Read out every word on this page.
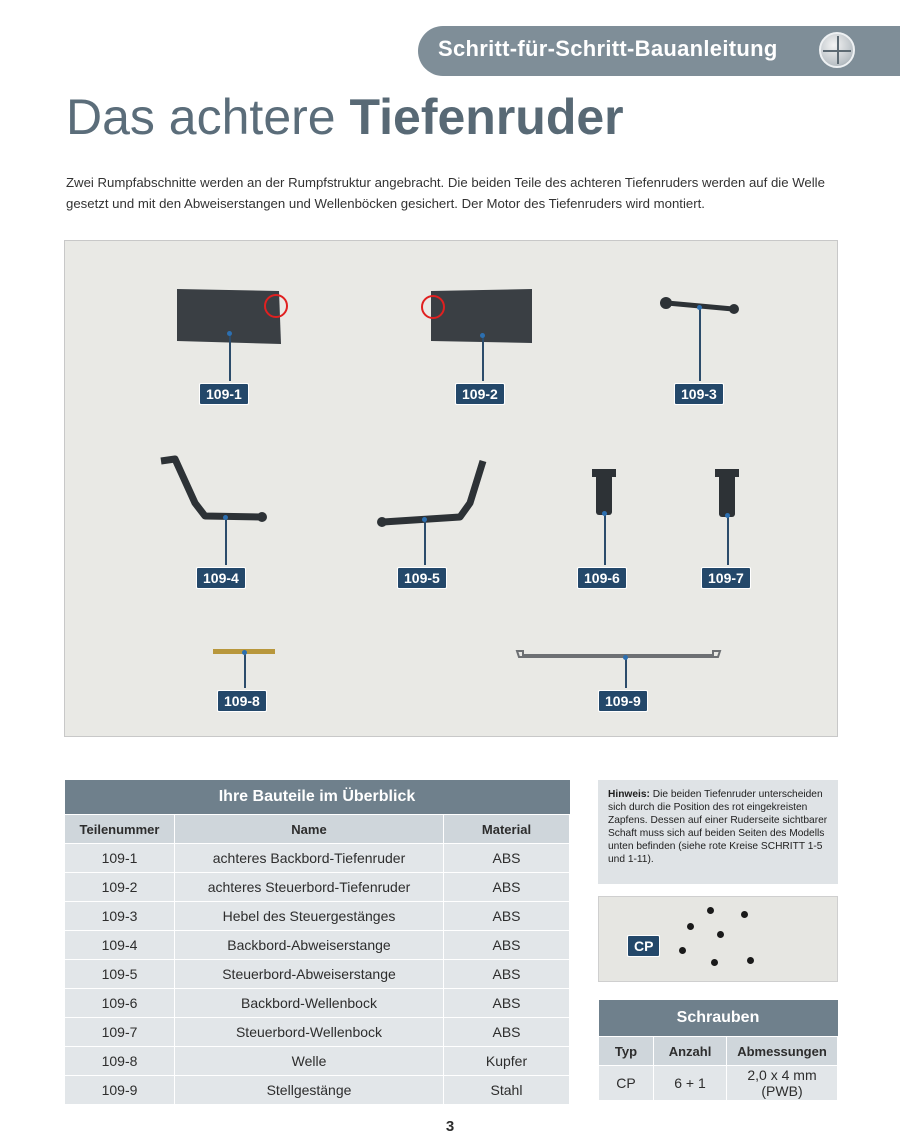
Schritt-für-Schritt-Bauanleitung
Das achtere Tiefenruder
Zwei Rumpfabschnitte werden an der Rumpfstruktur angebracht. Die beiden Teile des achteren Tiefenruders werden auf die Welle gesetzt und mit den Abweiserstangen und Wellenböcken gesichert. Der Motor des Tiefenruders wird montiert.
109-1	109-2	109-3
109-4	109-5	109-6	109-7
109-8	109-9
Ihre Bauteile im Überblick		
Teilenummer	Name	Material
109-1	achteres Backbord-Tiefenruder	ABS
109-2	achteres Steuerbord-Tiefenruder	ABS
109-3	Hebel des Steuergestänges	ABS
109-4	Backbord-Abweiserstange	ABS
109-5	Steuerbord-Abweiserstange	ABS
109-6	Backbord-Wellenbock	ABS
109-7	Steuerbord-Wellenbock	ABS
109-8	Welle	Kupfer
109-9	Stellgestänge	Stahl
Hinweis: Die beiden Tiefenruder unterscheiden sich durch die Position des rot eingekreisten Zapfens. Dessen auf einer Ruderseite sichtbarer Schaft muss sich auf beiden Seiten des Modells unten befinden (siehe rote Kreise SCHRITT 1-5 und 1-11).
CP
Schrauben		
Typ	Anzahl	Abmessungen
CP	6 + 1	2,0 x 4 mm (PWB)
3
